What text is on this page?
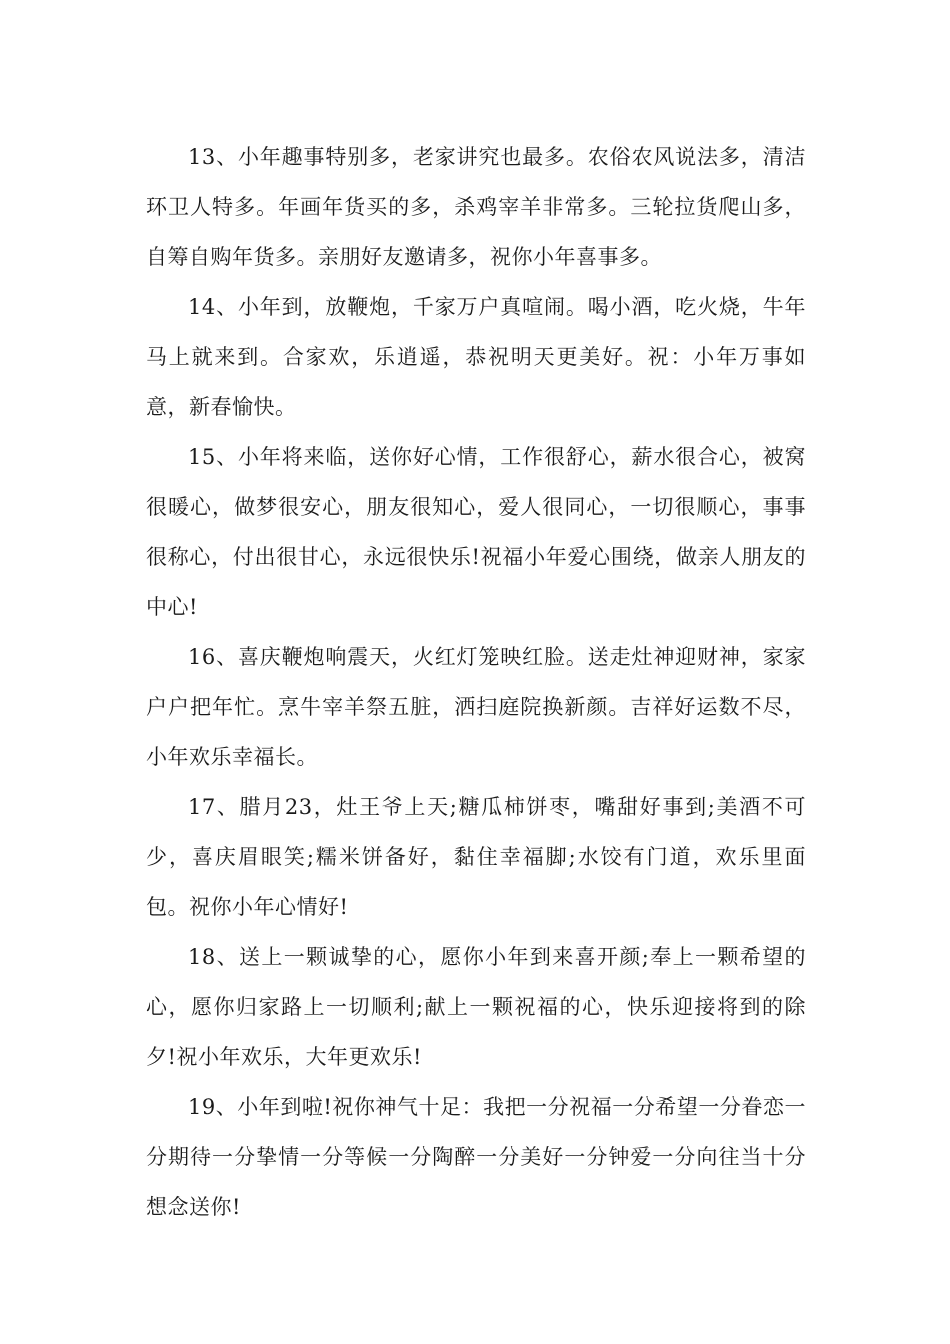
13、小年趣事特别多，老家讲究也最多。农俗农风说法多，清洁环卫人特多。年画年货买的多，杀鸡宰羊非常多。三轮拉货爬山多，自筹自购年货多。亲朋好友邀请多，祝你小年喜事多。

14、小年到，放鞭炮，千家万户真喧闹。喝小酒，吃火烧，牛年马上就来到。合家欢，乐逍遥，恭祝明天更美好。祝：小年万事如意，新春愉快。

15、小年将来临，送你好心情，工作很舒心，薪水很合心，被窝很暖心，做梦很安心，朋友很知心，爱人很同心，一切很顺心，事事很称心，付出很甘心，永远很快乐!祝福小年爱心围绕，做亲人朋友的中心!

16、喜庆鞭炮响震天，火红灯笼映红脸。送走灶神迎财神，家家户户把年忙。烹牛宰羊祭五脏，洒扫庭院换新颜。吉祥好运数不尽，小年欢乐幸福长。

17、腊月23，灶王爷上天;糖瓜柿饼枣，嘴甜好事到;美酒不可少，喜庆眉眼笑;糯米饼备好，黏住幸福脚;水饺有门道，欢乐里面包。祝你小年心情好!

18、送上一颗诚挚的心，愿你小年到来喜开颜;奉上一颗希望的心，愿你归家路上一切顺利;献上一颗祝福的心，快乐迎接将到的除夕!祝小年欢乐，大年更欢乐!

19、小年到啦!祝你神气十足：我把一分祝福一分希望一分眷恋一分期待一分挚情一分等候一分陶醉一分美好一分钟爱一分向往当十分想念送你!
